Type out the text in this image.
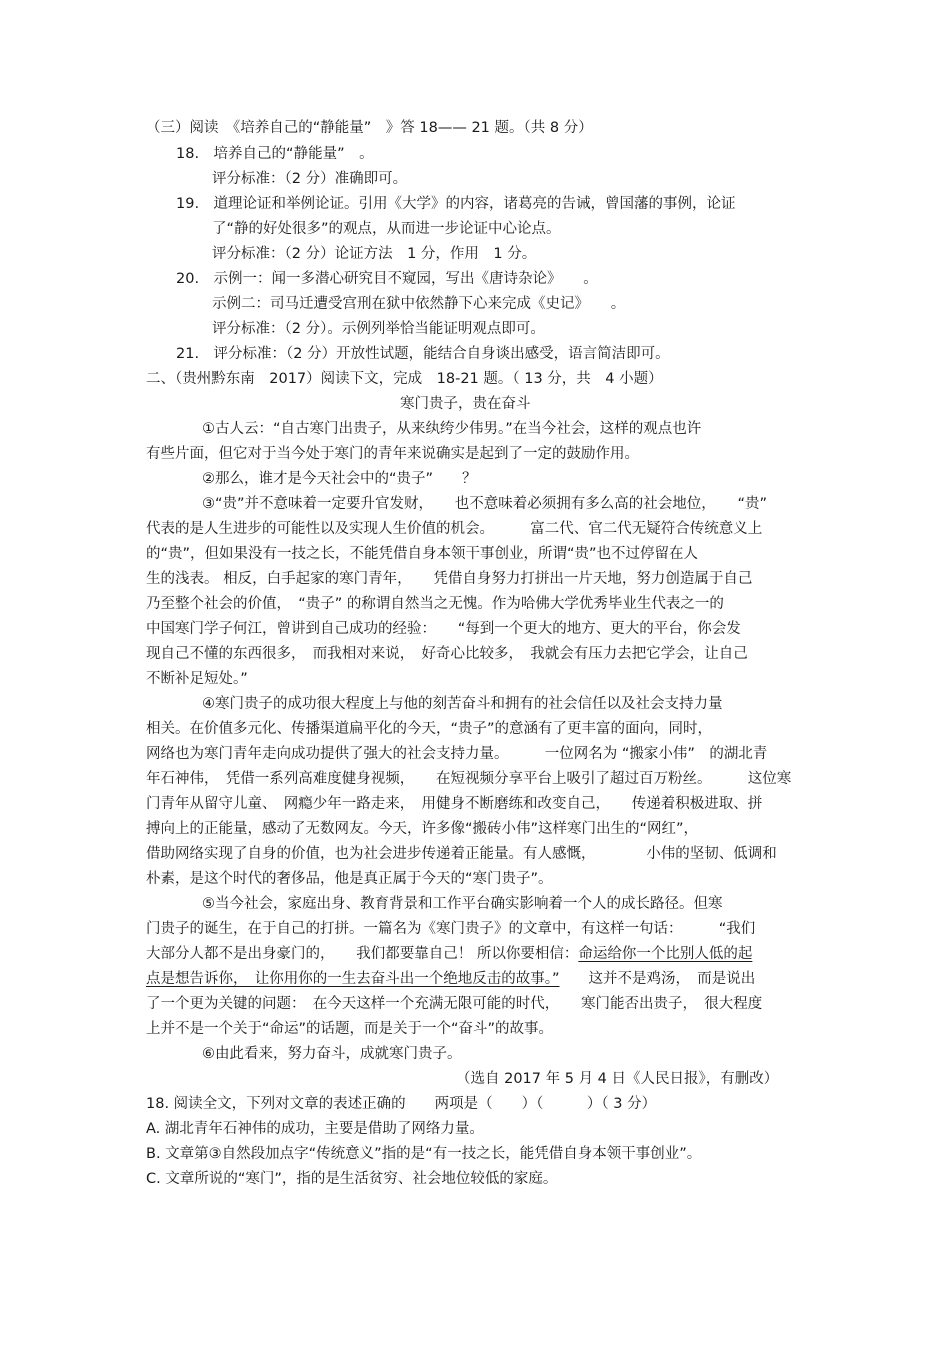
（三）阅读　《培养自己的“静能量”　》答 18—— 21 题。（共 8 分）
18.　培养自己的“静能量”　。
评分标准：（2 分）准确即可。
19.　道理论证和举例论证。引用《大学》的内容，诸葛亮的告诫，曾国藩的事例，论证
了“静的好处很多”的观点，从而进一步论证中心论点。
评分标准：（2 分）论证方法　1 分，作用　1 分。
20.　示例一：闻一多潜心研究目不窥园，写出《唐诗杂论》　　。
示例二：司马迁遭受宫刑在狱中依然静下心来完成《史记》　　。
评分标准：（2 分）。示例列举恰当能证明观点即可。
21.　评分标准：（2 分）开放性试题，能结合自身谈出感受，语言简洁即可。
二、（贵州黔东南　2017）阅读下文，完成　18-21 题。（ 13 分，共　4 小题）
寒门贵子，贵在奋斗
①古人云：“自古寒门出贵子，从来纨绔少伟男。”在当今社会，这样的观点也许
有些片面，但它对于当今处于寒门的青年来说确实是起到了一定的鼓励作用。
②那么，谁才是今天社会中的“贵子”　　？
③“贵”并不意味着一定要升官发财，　　也不意味着必须拥有多么高的社会地位，　　“贵”
代表的是人生进步的可能性以及实现人生价值的机会。　　　富二代、官二代无疑符合传统意义上
的“贵”，但如果没有一技之长，不能凭借自身本领干事创业，所谓“贵”也不过停留在人
生的浅表。 相反，白手起家的寒门青年，　　凭借自身努力打拼出一片天地，努力创造属于自己
乃至整个社会的价值，　“贵子” 的称谓自然当之无愧。作为哈佛大学优秀毕业生代表之一的
中国寒门学子何江，曾讲到自己成功的经验：　　“每到一个更大的地方、更大的平台，你会发
现自己不懂的东西很多，　而我相对来说，　好奇心比较多，　我就会有压力去把它学会，让自己
不断补足短处。”
④寒门贵子的成功很大程度上与他的刻苦奋斗和拥有的社会信任以及社会支持力量
相关。在价值多元化、传播渠道扁平化的今天，“贵子”的意涵有了更丰富的面向，同时，
网络也为寒门青年走向成功提供了强大的社会支持力量。　　　一位网名为 “搬家小伟”　的湖北青
年石神伟，　凭借一系列高难度健身视频，　　在短视频分享平台上吸引了超过百万粉丝。　　　这位寒
门青年从留守儿童、　网瘾少年一路走来，　用健身不断磨练和改变自己，　　传递着积极进取、拼
搏向上的正能量，感动了无数网友。今天，许多像“搬砖小伟”这样寒门出生的“网红”，
借助网络实现了自身的价值，也为社会进步传递着正能量。有人感慨，　　　　小伟的坚韧、低调和
朴素，是这个时代的奢侈品，他是真正属于今天的“寒门贵子”。
⑤当今社会，家庭出身、教育背景和工作平台确实影响着一个人的成长路径。但寒
门贵子的诞生，在于自己的打拼。一篇名为《寒门贵子》的文章中，有这样一句话：　　　“我们
大部分人都不是出身豪门的，　　我们都要靠自己！ 所以你要相信：命运给你一个比别人低的起
点是想告诉你，　让你用你的一生去奋斗出一个绝地反击的故事。”　　这并不是鸡汤，　而是说出
了一个更为关键的问题：　在今天这样一个充满无限可能的时代，　　寒门能否出贵子，　很大程度
上并不是一个关于“命运”的话题，而是关于一个“奋斗”的故事。
⑥由此看来，努力奋斗，成就寒门贵子。
（选自 2017 年 5 月 4 日《人民日报》，有删改）
18. 阅读全文，下列对文章的表述正确的　　两项是（　　）（　　　）（ 3 分）
A. 湖北青年石神伟的成功，主要是借助了网络力量。
B. 文章第③自然段加点字“传统意义”指的是“有一技之长，能凭借自身本领干事创业”。
C. 文章所说的“寒门”，指的是生活贫穷、社会地位较低的家庭。
